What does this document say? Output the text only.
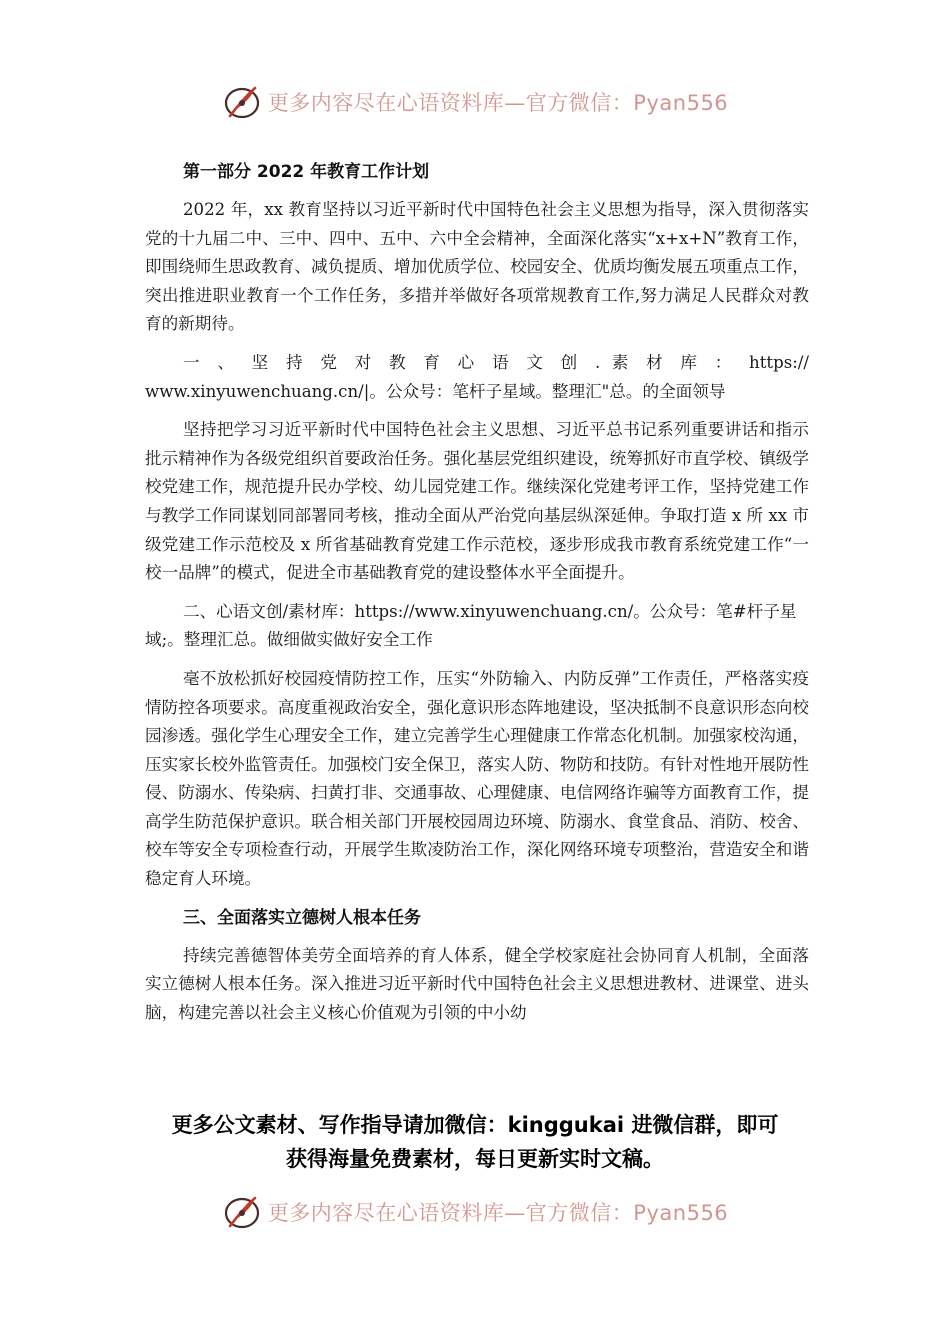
更多内容尽在心语资料库—官方微信：Pyan556

第一部分 2022 年教育工作计划

2022 年，xx 教育坚持以习近平新时代中国特色社会主义思想为指导，深入贯彻落实党的十九届二中、三中、四中、五中、六中全会精神，全面深化落实“x+x+N”教育工作，即围绕师生思政教育、减负提质、增加优质学位、校园安全、优质均衡发展五项重点工作，突出推进职业教育一个工作任务，多措并举做好各项常规教育工作,努力满足人民群众对教育的新期待。

一 、 坚 持 党 对 教 育 心 语 文 创 . 素 材 库 ： https://
www.xinyuwenchuang.cn/|。公众号：笔杆子星域。整理汇"总。的全面领导

坚持把学习习近平新时代中国特色社会主义思想、习近平总书记系列重要讲话和指示批示精神作为各级党组织首要政治任务。强化基层党组织建设，统筹抓好市直学校、镇级学校党建工作，规范提升民办学校、幼儿园党建工作。继续深化党建考评工作，坚持党建工作与教学工作同谋划同部署同考核，推动全面从严治党向基层纵深延伸。争取打造 x 所 xx 市级党建工作示范校及 x 所省基础教育党建工作示范校，逐步形成我市教育系统党建工作“一校一品牌”的模式，促进全市基础教育党的建设整体水平全面提升。

二、心语文创/素材库：https://www.xinyuwenchuang.cn/。公众号：笔#杆子星域;。整理汇总。做细做实做好安全工作

毫不放松抓好校园疫情防控工作，压实“外防输入、内防反弹”工作责任，严格落实疫情防控各项要求。高度重视政治安全，强化意识形态阵地建设，坚决抵制不良意识形态向校园渗透。强化学生心理安全工作，建立完善学生心理健康工作常态化机制。加强家校沟通，压实家长校外监管责任。加强校门安全保卫，落实人防、物防和技防。有针对性地开展防性侵、防溺水、传染病、扫黄打非、交通事故、心理健康、电信网络诈骗等方面教育工作，提高学生防范保护意识。联合相关部门开展校园周边环境、防溺水、食堂食品、消防、校舍、校车等安全专项检查行动，开展学生欺凌防治工作，深化网络环境专项整治，营造安全和谐稳定育人环境。

三、全面落实立德树人根本任务

持续完善德智体美劳全面培养的育人体系，健全学校家庭社会协同育人机制，全面落实立德树人根本任务。深入推进习近平新时代中国特色社会主义思想进教材、进课堂、进头脑，构建完善以社会主义核心价值观为引领的中小幼

更多公文素材、写作指导请加微信：kinggukai 进微信群，即可
获得海量免费素材，每日更新实时文稿。
更多内容尽在心语资料库—官方微信：Pyan556
